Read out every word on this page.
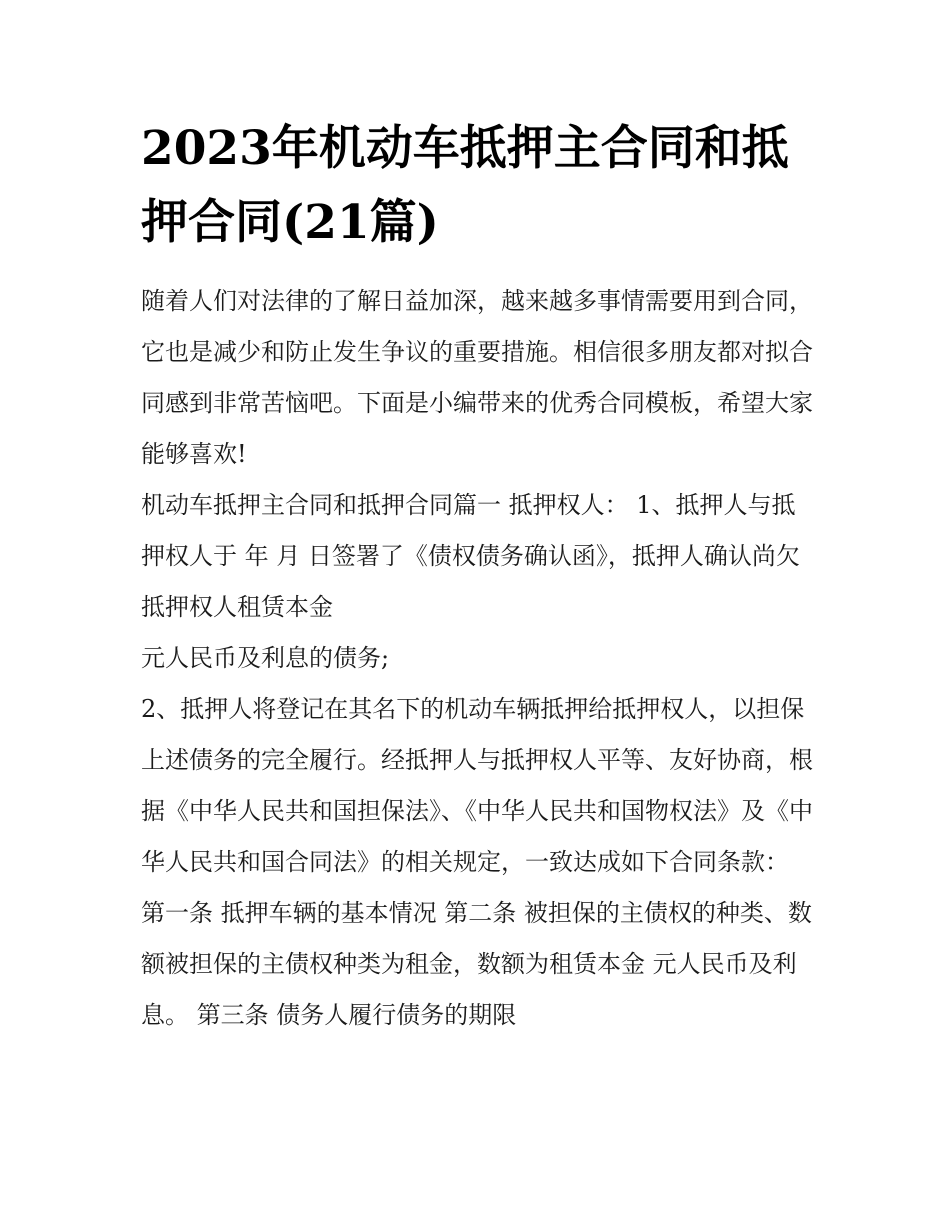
2023年机动车抵押主合同和抵押合同(21篇)

随着人们对法律的了解日益加深，越来越多事情需要用到合同，它也是减少和防止发生争议的重要措施。相信很多朋友都对拟合同感到非常苦恼吧。下面是小编带来的优秀合同模板，希望大家能够喜欢!

机动车抵押主合同和抵押合同篇一 抵押权人： 1、抵押人与抵押权人于 年 月 日签署了《债权债务确认函》，抵押人确认尚欠抵押权人租赁本金

元人民币及利息的债务;

2、抵押人将登记在其名下的机动车辆抵押给抵押权人，以担保上述债务的完全履行。经抵押人与抵押权人平等、友好协商，根据《中华人民共和国担保法》、《中华人民共和国物权法》及《中华人民共和国合同法》的相关规定，一致达成如下合同条款：

第一条 抵押车辆的基本情况 第二条 被担保的主债权的种类、数额被担保的主债权种类为租金，数额为租赁本金 元人民币及利息。 第三条 债务人履行债务的期限
